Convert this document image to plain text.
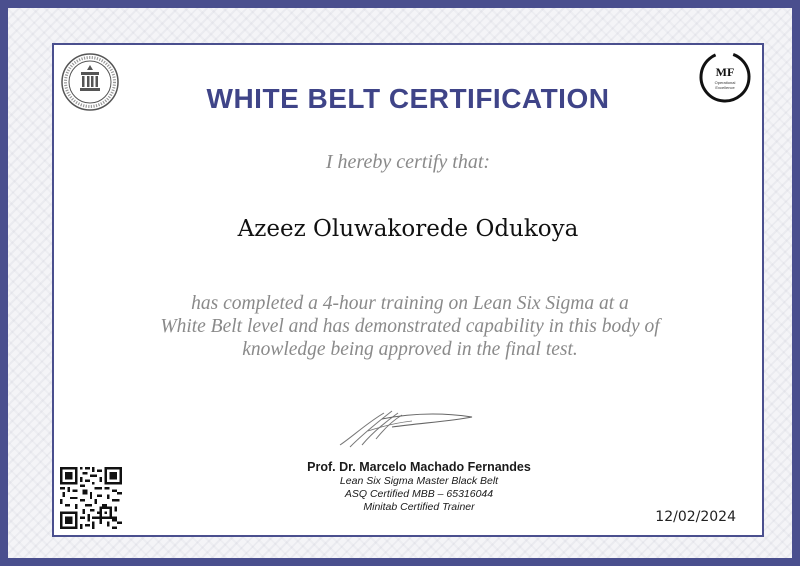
MF
Operational
Excellence
WHITE BELT CERTIFICATION
I hereby certify that:
Azeez Oluwakorede Odukoya
has completed a 4-hour training on Lean Six Sigma at a
White Belt level and has demonstrated capability in this body of
knowledge being approved in the final test.
Prof. Dr. Marcelo Machado Fernandes
Lean Six Sigma Master Black Belt
ASQ Certified MBB – 65316044
Minitab Certified Trainer
12/02/2024
